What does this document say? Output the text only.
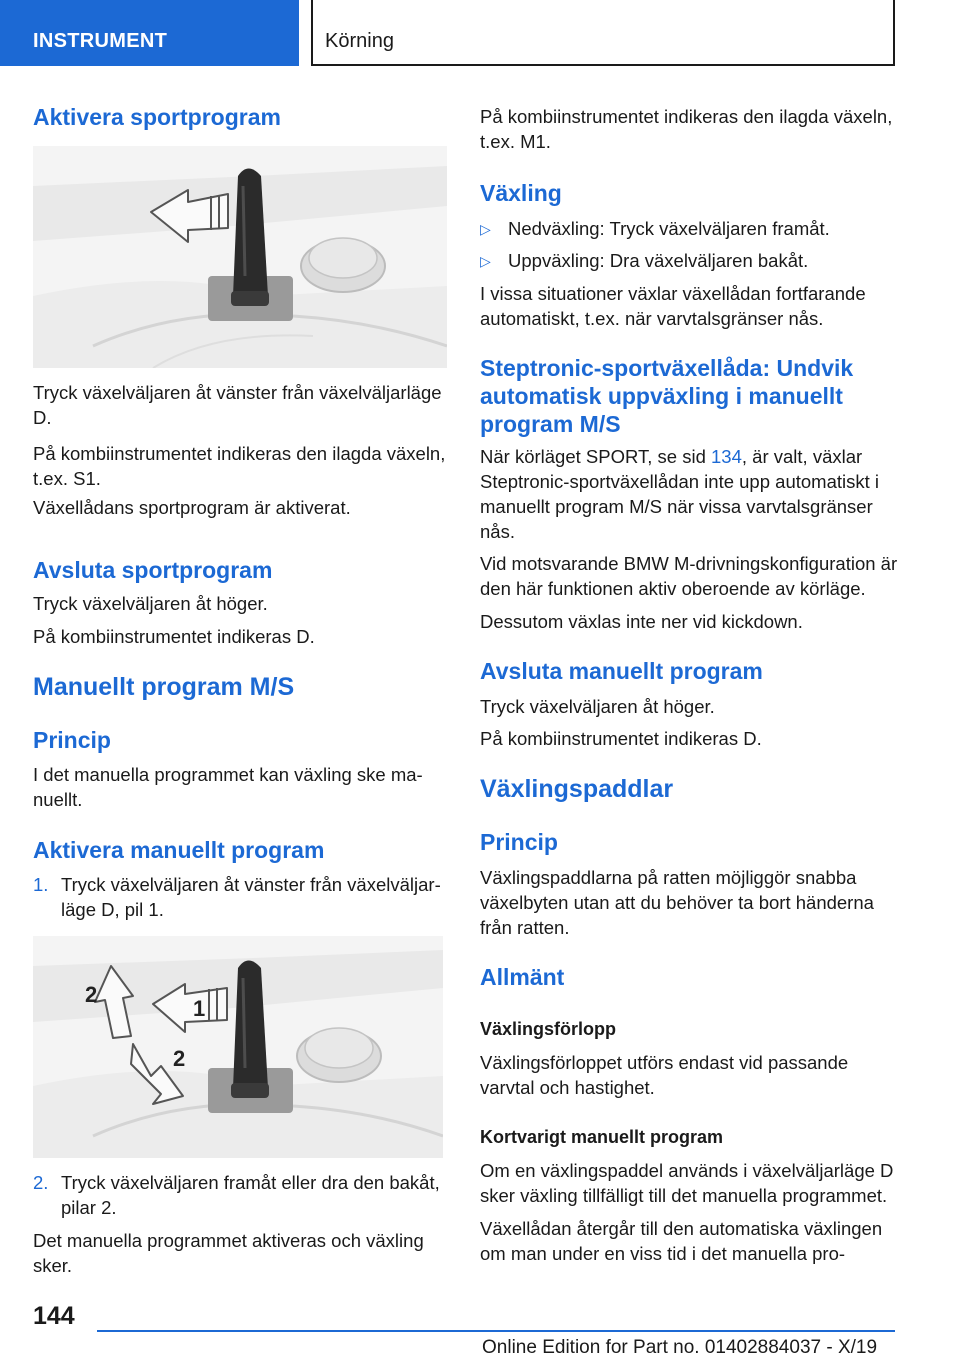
INSTRUMENT	Körning
Aktivera sportprogram
Tryck växelväljaren åt vänster från växelväljarläge D.
På kombiinstrumentet indikeras den ilagda växeln, t.ex. S1.
Växellådans sportprogram är aktiverat.
Avsluta sportprogram
Tryck växelväljaren åt höger.
På kombiinstrumentet indikeras D.
Manuellt program M/S
Princip
I det manuella programmet kan växling ske manuellt.
Aktivera manuellt program
1. Tryck växelväljaren åt vänster från växelväljarläge D, pil 1.
1
2
2
2. Tryck växelväljaren framåt eller dra den bakåt, pilar 2.
Det manuella programmet aktiveras och växling sker.
På kombiinstrumentet indikeras den ilagda växeln, t.ex. M1.
Växling
▷ Nedväxling: Tryck växelväljaren framåt.
▷ Uppväxling: Dra växelväljaren bakåt.
I vissa situationer växlar växellådan fortfarande automatiskt, t.ex. när varvtalsgränser nås.
Steptronic-sportväxellåda: Undvik automatisk uppväxling i manuellt program M/S
När körläget SPORT, se sid 134, är valt, växlar Steptronic-sportväxellådan inte upp automatiskt i manuellt program M/S när vissa varvtalsgränser nås.
Vid motsvarande BMW M-drivningskonfiguration är den här funktionen aktiv oberoende av körläge.
Dessutom växlas inte ner vid kickdown.
Avsluta manuellt program
Tryck växelväljaren åt höger.
På kombiinstrumentet indikeras D.
Växlingspaddlar
Princip
Växlingspaddlarna på ratten möjliggör snabba växelbyten utan att du behöver ta bort händerna från ratten.
Allmänt
Växlingsförlopp
Växlingsförloppet utförs endast vid passande varvtal och hastighet.
Kortvarigt manuellt program
Om en växlingspaddel används i växelväljarläge D sker växling tillfälligt till det manuella programmet.
Växellådan återgår till den automatiska växlingen om man under en viss tid i det manuella pro-
144
Online Edition for Part no. 01402884037 - X/19
